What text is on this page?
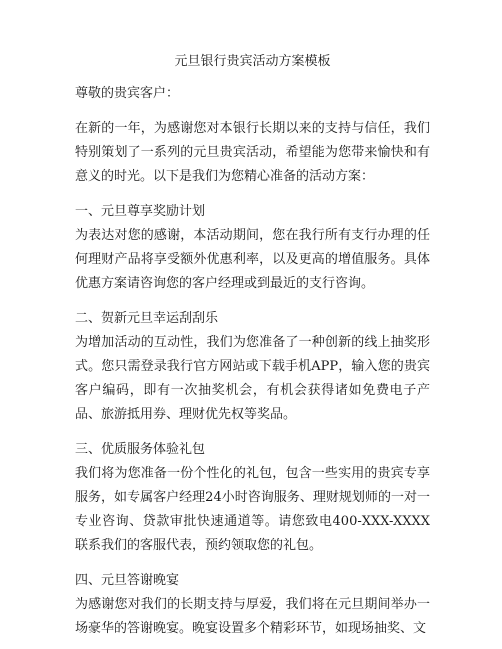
元旦银行贵宾活动方案模板

尊敬的贵宾客户：

在新的一年，为感谢您对本银行长期以来的支持与信任，我们特别策划了一系列的元旦贵宾活动，希望能为您带来愉快和有意义的时光。以下是我们为您精心准备的活动方案：

一、元旦尊享奖励计划

为表达对您的感谢，本活动期间，您在我行所有支行办理的任何理财产品将享受额外优惠利率，以及更高的增值服务。具体优惠方案请咨询您的客户经理或到最近的支行咨询。

二、贺新元旦幸运刮刮乐

为增加活动的互动性，我们为您准备了一种创新的线上抽奖形式。您只需登录我行官方网站或下载手机APP，输入您的贵宾客户编码，即有一次抽奖机会，有机会获得诸如免费电子产品、旅游抵用券、理财优先权等奖品。

三、优质服务体验礼包

我们将为您准备一份个性化的礼包，包含一些实用的贵宾专享服务，如专属客户经理24小时咨询服务、理财规划师的一对一专业咨询、贷款审批快速通道等。请您致电400-XXX-XXXX联系我们的客服代表，预约领取您的礼包。

四、元旦答谢晚宴

为感谢您对我们的长期支持与厚爱，我们将在元旦期间举办一场豪华的答谢晚宴。晚宴设置多个精彩环节，如现场抽奖、文
